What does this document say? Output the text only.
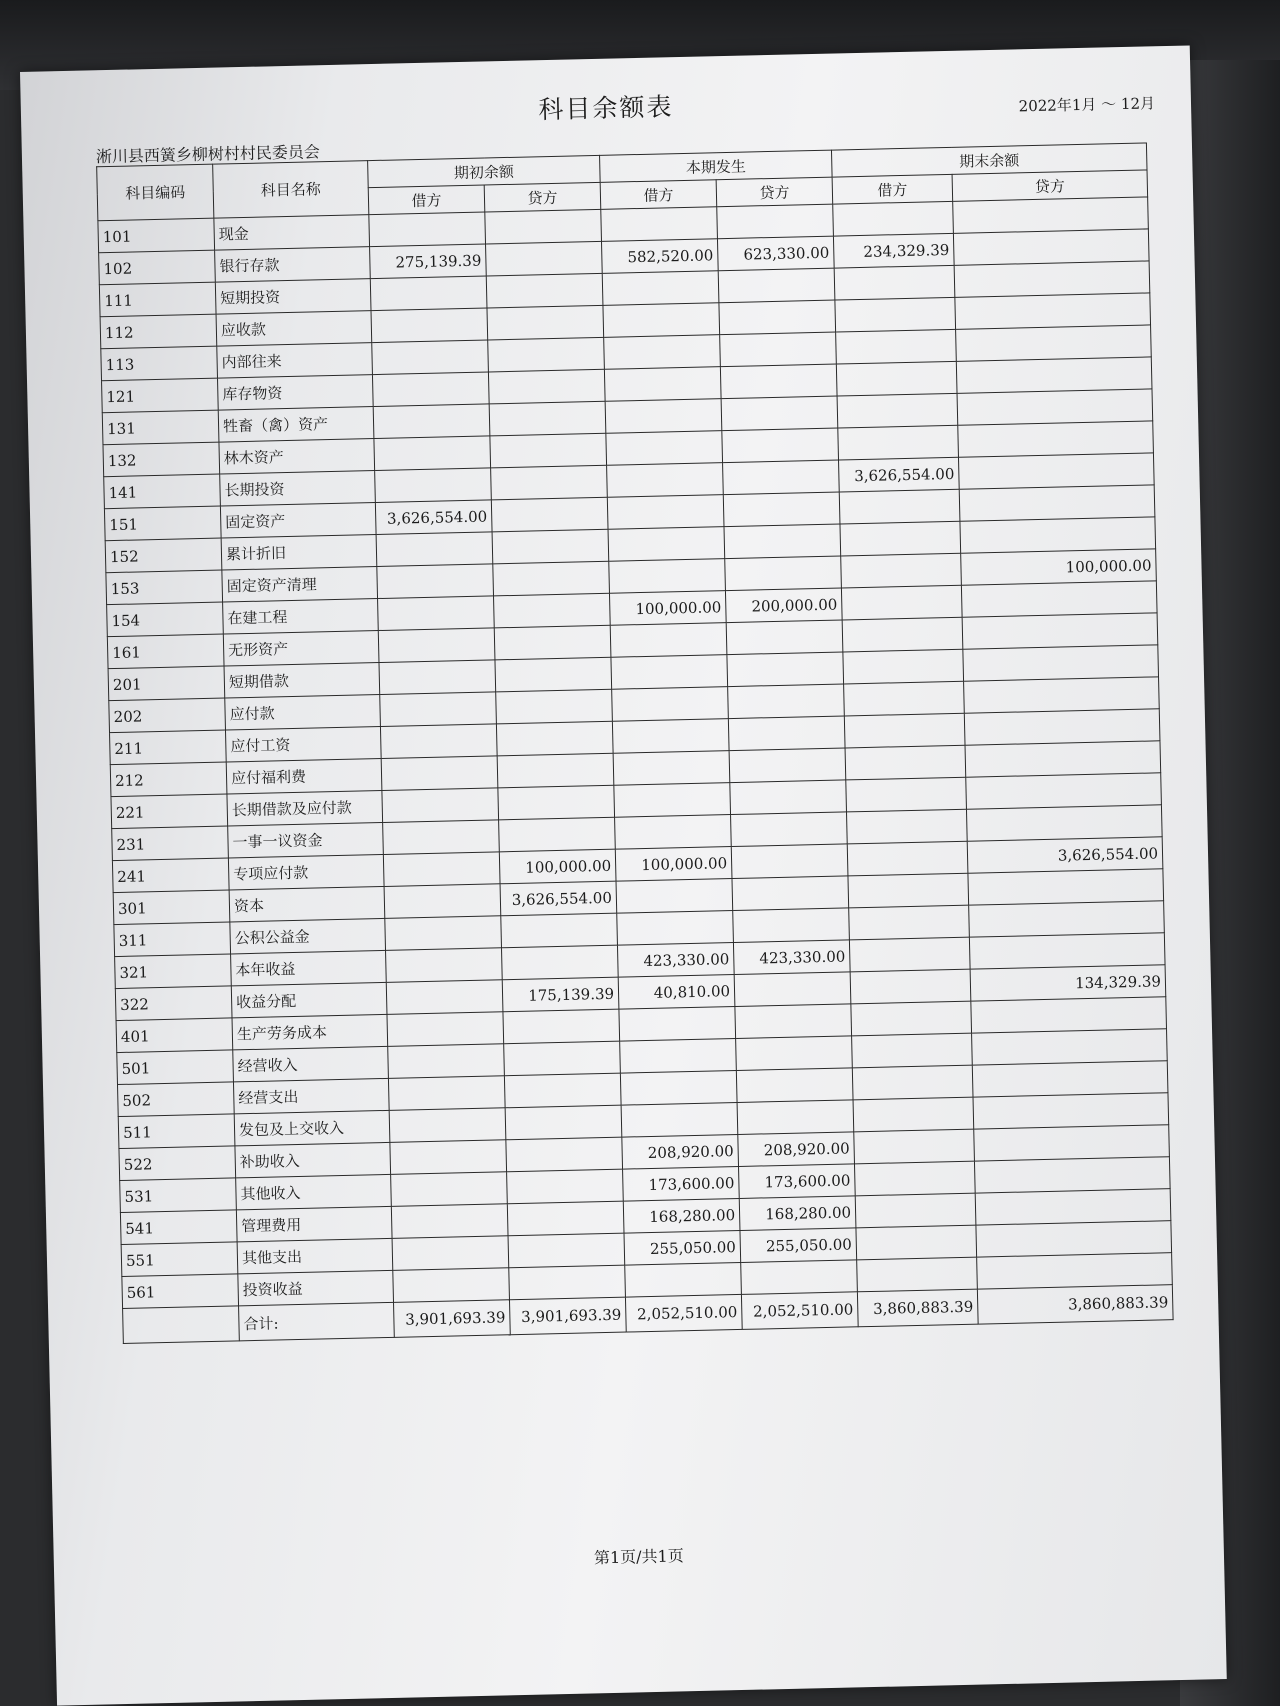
科目余额表	2022年1月 ～ 12月
淅川县西簧乡柳树村村民委员会
科目编码	科目名称	期初余额		本期发生		期末余额	
		借方	贷方	借方	贷方	借方	贷方
101	现金						
102	银行存款	275,139.39		582,520.00	623,330.00	234,329.39	
111	短期投资						
112	应收款						
113	内部往来						
121	库存物资						
131	牲畜（禽）资产						
132	林木资产						
141	长期投资					3,626,554.00	
151	固定资产	3,626,554.00					
152	累计折旧						
153	固定资产清理						100,000.00
154	在建工程			100,000.00	200,000.00		
161	无形资产						
201	短期借款						
202	应付款						
211	应付工资						
212	应付福利费						
221	长期借款及应付款						
231	一事一议资金						
241	专项应付款		100,000.00	100,000.00			3,626,554.00
301	资本		3,626,554.00				
311	公积公益金						
321	本年收益			423,330.00	423,330.00		
322	收益分配		175,139.39	40,810.00			134,329.39
401	生产劳务成本						
501	经营收入						
502	经营支出						
511	发包及上交收入						
522	补助收入			208,920.00	208,920.00		
531	其他收入			173,600.00	173,600.00		
541	管理费用			168,280.00	168,280.00		
551	其他支出			255,050.00	255,050.00		
561	投资收益						
	合计:	3,901,693.39	3,901,693.39	2,052,510.00	2,052,510.00	3,860,883.39	3,860,883.39
第1页/共1页
